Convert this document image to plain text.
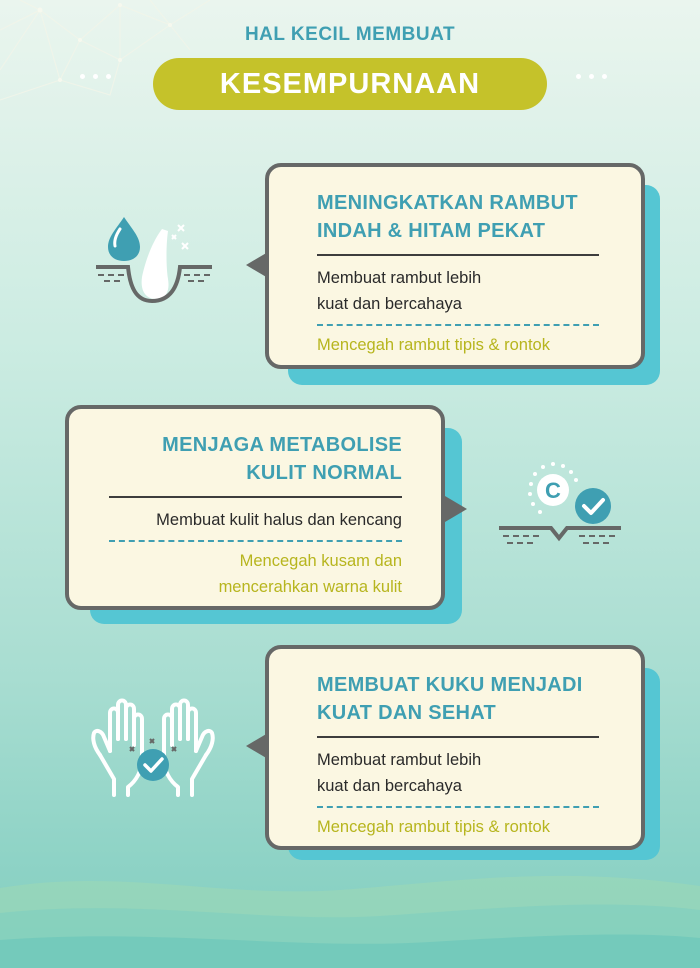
HAL KECIL MEMBUAT
KESEMPURNAAN
MENINGKATKAN RAMBUT
INDAH & HITAM PEKAT
Membuat rambut lebih
kuat dan bercahaya
Mencegah rambut tipis & rontok
MENJAGA METABOLISE
KULIT NORMAL
Membuat kulit halus dan kencang
Mencegah kusam dan
mencerahkan warna kulit
C
MEMBUAT KUKU MENJADI
KUAT DAN SEHAT
Membuat rambut lebih
kuat dan bercahaya
Mencegah rambut tipis & rontok
